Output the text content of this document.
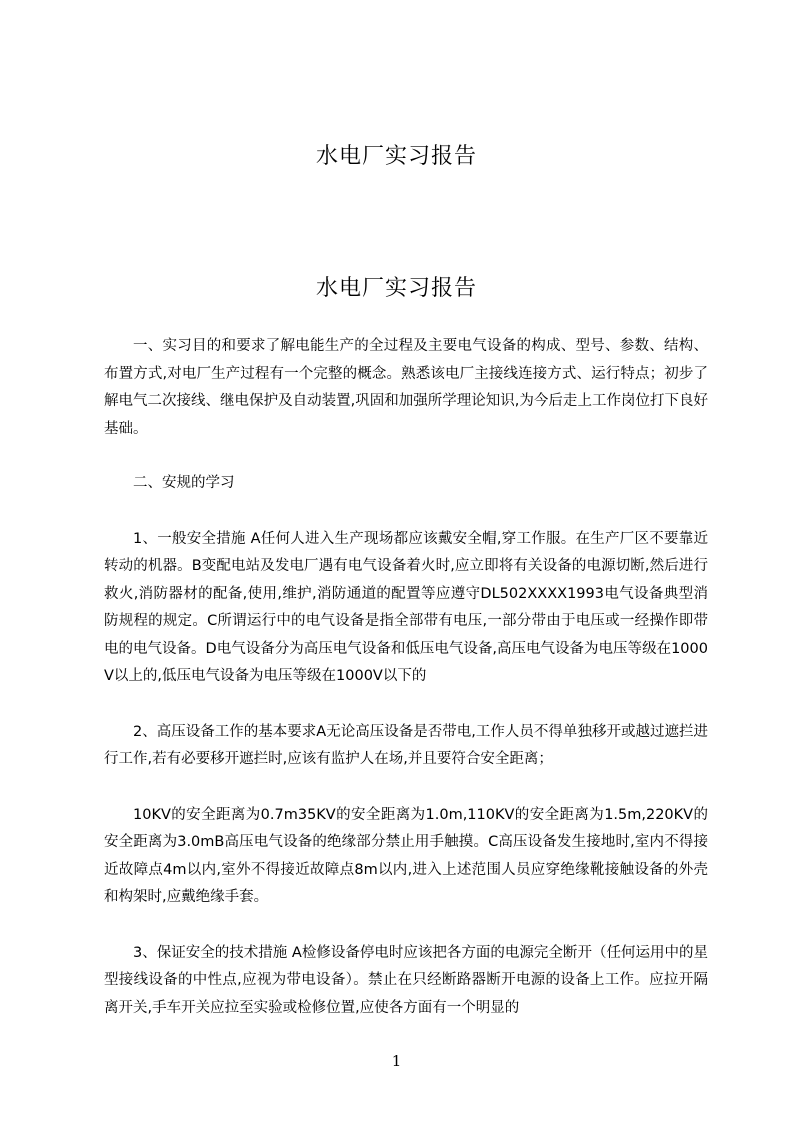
水电厂实习报告
水电厂实习报告

一、实习目的和要求了解电能生产的全过程及主要电气设备的构成、型号、参数、结构、布置方式,对电厂生产过程有一个完整的概念。熟悉该电厂主接线连接方式、运行特点；初步了解电气二次接线、继电保护及自动装置,巩固和加强所学理论知识,为今后走上工作岗位打下良好基础。

二、安规的学习

1、一般安全措施 A任何人进入生产现场都应该戴安全帽,穿工作服。在生产厂区不要靠近转动的机器。B变配电站及发电厂遇有电气设备着火时,应立即将有关设备的电源切断,然后进行救火,消防器材的配备,使用,维护,消防通道的配置等应遵守DL502XXXX1993电气设备典型消防规程的规定。C所谓运行中的电气设备是指全部带有电压,一部分带由于电压或一经操作即带电的电气设备。D电气设备分为高压电气设备和低压电气设备,高压电气设备为电压等级在1000V以上的,低压电气设备为电压等级在1000V以下的

2、高压设备工作的基本要求A无论高压设备是否带电,工作人员不得单独移开或越过遮拦进行工作,若有必要移开遮拦时,应该有监护人在场,并且要符合安全距离；

10KV的安全距离为0.7m35KV的安全距离为1.0m,110KV的安全距离为1.5m,220KV的安全距离为3.0mB高压电气设备的绝缘部分禁止用手触摸。C高压设备发生接地时,室内不得接近故障点4m以内,室外不得接近故障点8m以内,进入上述范围人员应穿绝缘靴接触设备的外壳和构架时,应戴绝缘手套。

3、保证安全的技术措施 A检修设备停电时应该把各方面的电源完全断开（任何运用中的星型接线设备的中性点,应视为带电设备）。禁止在只经断路器断开电源的设备上工作。应拉开隔离开关,手车开关应拉至实验或检修位置,应使各方面有一个明显的

1
